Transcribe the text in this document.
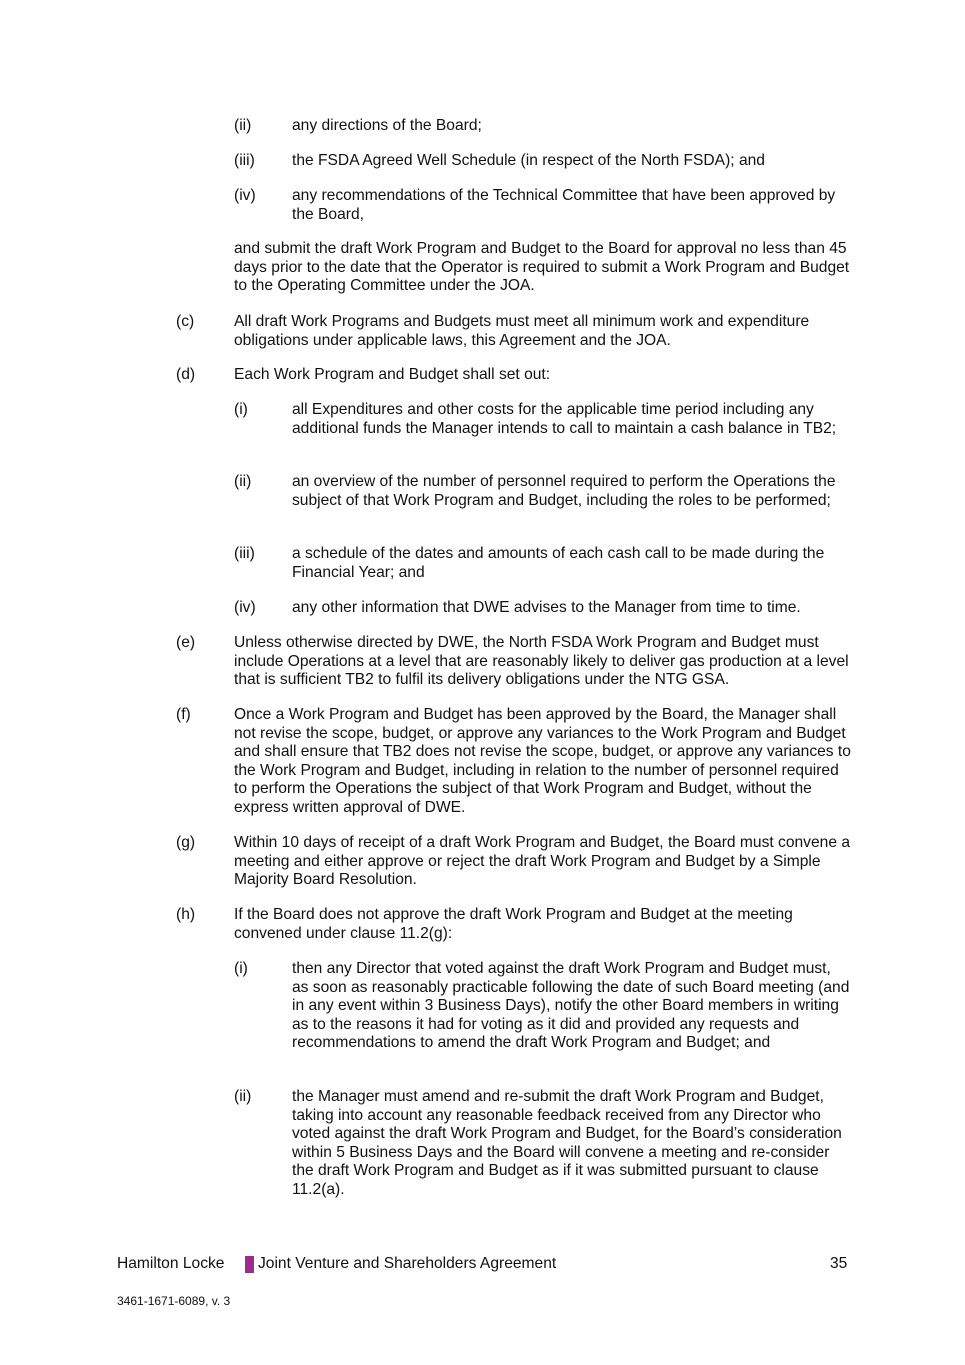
(ii)	any directions of the Board;
(iii) the FSDA Agreed Well Schedule (in respect of the North FSDA); and
(iv) any recommendations of the Technical Committee that have been approved by the Board,
and submit the draft Work Program and Budget to the Board for approval no less than 45 days prior to the date that the Operator is required to submit a Work Program and Budget to the Operating Committee under the JOA.
(c)	All draft Work Programs and Budgets must meet all minimum work and expenditure obligations under applicable laws, this Agreement and the JOA.
(d) Each Work Program and Budget shall set out:
(i)	all Expenditures and other costs for the applicable time period including any additional funds the Manager intends to call to maintain a cash balance in TB2;
(ii)	an overview of the number of personnel required to perform the Operations the subject of that Work Program and Budget, including the roles to be performed;
(iii) a schedule of the dates and amounts of each cash call to be made during the Financial Year; and
(iv) any other information that DWE advises to the Manager from time to time.
(e) Unless otherwise directed by DWE, the North FSDA Work Program and Budget must include Operations at a level that are reasonably likely to deliver gas production at a level that is sufficient TB2 to fulfil its delivery obligations under the NTG GSA.
(f)	Once a Work Program and Budget has been approved by the Board, the Manager shall not revise the scope, budget, or approve any variances to the Work Program and Budget and shall ensure that TB2 does not revise the scope, budget, or approve any variances to the Work Program and Budget, including in relation to the number of personnel required to perform the Operations the subject of that Work Program and Budget, without the express written approval of DWE.
(g) Within 10 days of receipt of a draft Work Program and Budget, the Board must convene a meeting and either approve or reject the draft Work Program and Budget by a Simple Majority Board Resolution.
(h) If the Board does not approve the draft Work Program and Budget at the meeting convened under clause 11.2(g):
(i)	then any Director that voted against the draft Work Program and Budget must, as soon as reasonably practicable following the date of such Board meeting (and in any event within 3 Business Days), notify the other Board members in writing as to the reasons it had for voting as it did and provided any requests and recommendations to amend the draft Work Program and Budget; and
(ii)	the Manager must amend and re-submit the draft Work Program and Budget, taking into account any reasonable feedback received from any Director who voted against the draft Work Program and Budget, for the Board’s consideration within 5 Business Days and the Board will convene a meeting and re-consider the draft Work Program and Budget as if it was submitted pursuant to clause 11.2(a).
Hamilton Locke Joint Venture and Shareholders Agreement	35
3461-1671-6089, v. 3
